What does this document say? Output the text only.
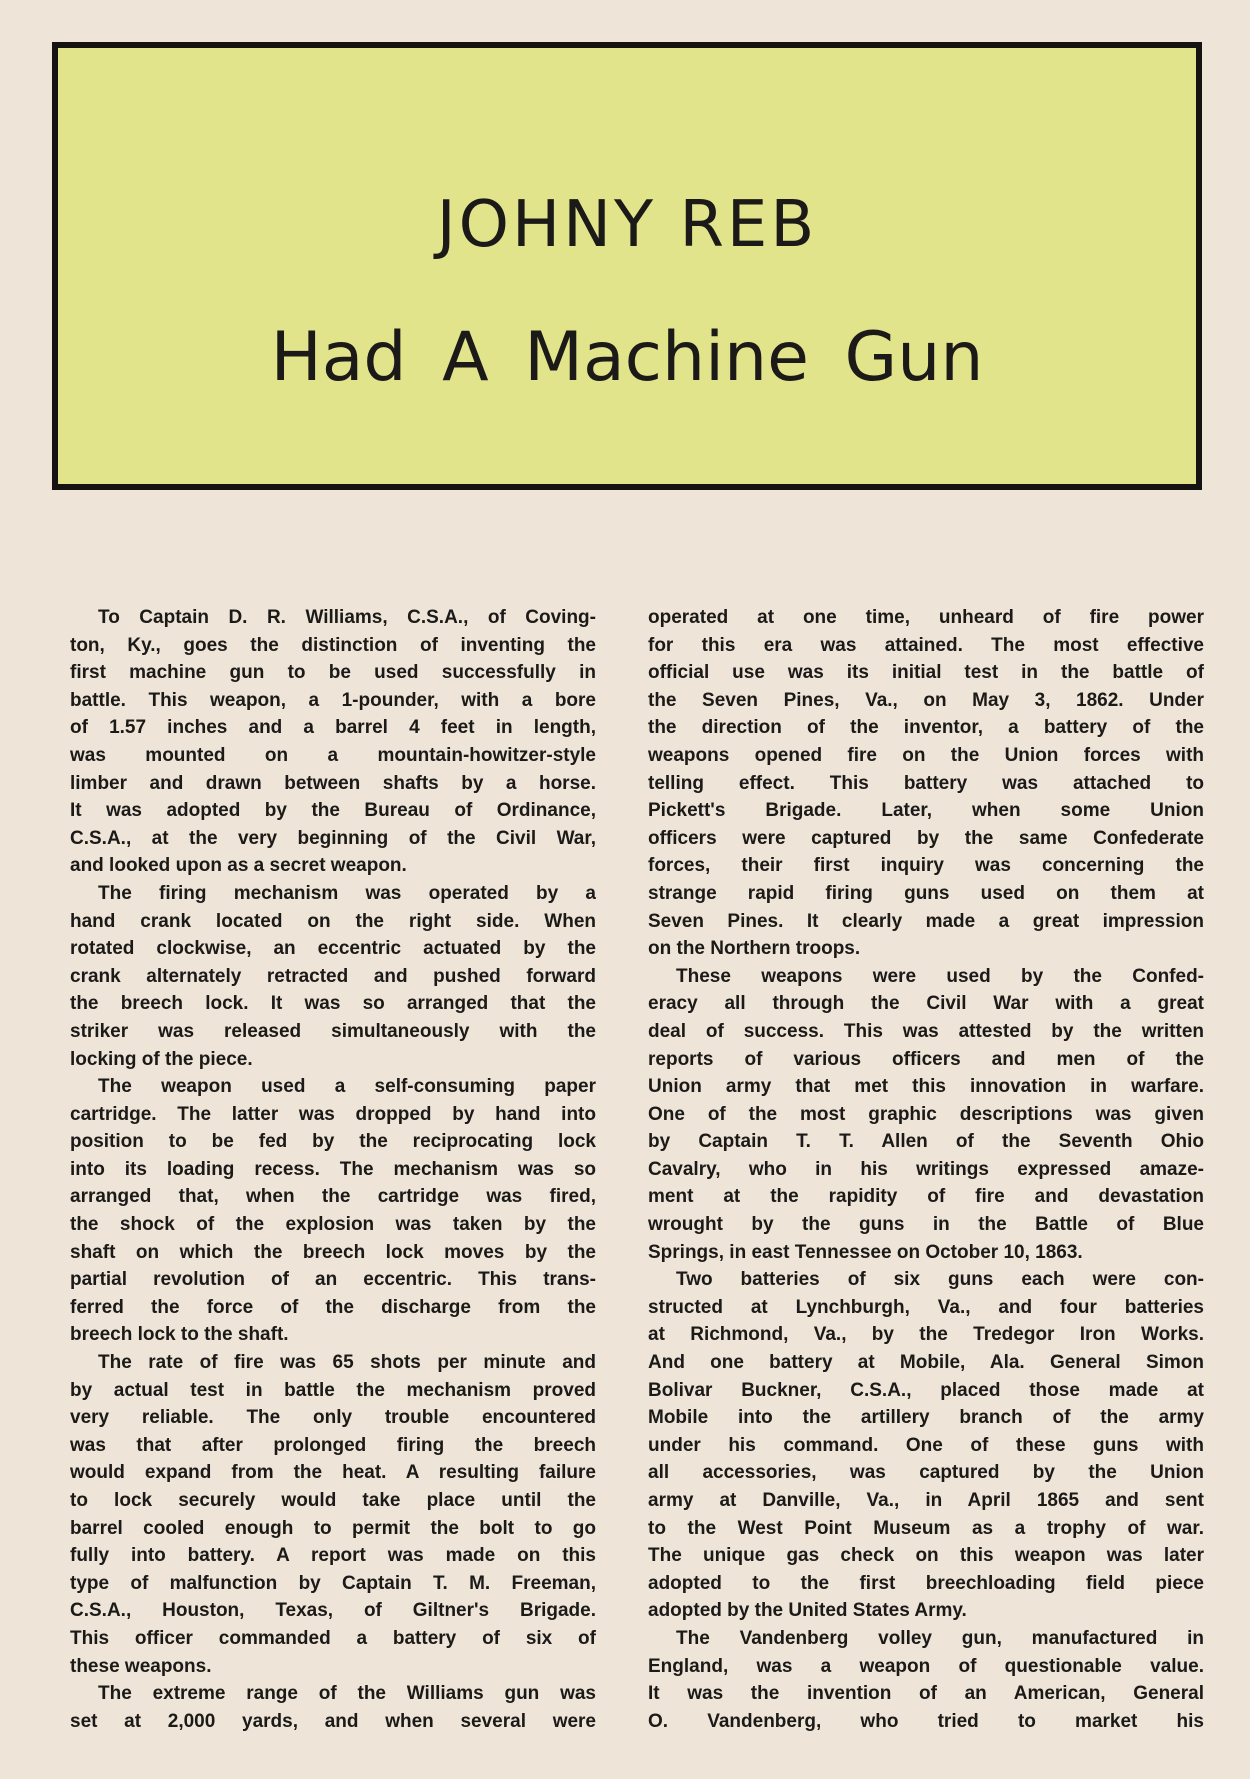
JOHNY REB
Had A Machine Gun
To Captain D. R. Williams, C.S.A., of Coving-
ton, Ky., goes the distinction of inventing the
first machine gun to be used successfully in
battle. This weapon, a 1-pounder, with a bore
of 1.57 inches and a barrel 4 feet in length,
was mounted on a mountain-howitzer-style
limber and drawn between shafts by a horse.
It was adopted by the Bureau of Ordinance,
C.S.A., at the very beginning of the Civil War,
and looked upon as a secret weapon.
The firing mechanism was operated by a
hand crank located on the right side. When
rotated clockwise, an eccentric actuated by the
crank alternately retracted and pushed forward
the breech lock. It was so arranged that the
striker was released simultaneously with the
locking of the piece.
The weapon used a self-consuming paper
cartridge. The latter was dropped by hand into
position to be fed by the reciprocating lock
into its loading recess. The mechanism was so
arranged that, when the cartridge was fired,
the shock of the explosion was taken by the
shaft on which the breech lock moves by the
partial revolution of an eccentric. This trans-
ferred the force of the discharge from the
breech lock to the shaft.
The rate of fire was 65 shots per minute and
by actual test in battle the mechanism proved
very reliable. The only trouble encountered
was that after prolonged firing the breech
would expand from the heat. A resulting failure
to lock securely would take place until the
barrel cooled enough to permit the bolt to go
fully into battery. A report was made on this
type of malfunction by Captain T. M. Freeman,
C.S.A., Houston, Texas, of Giltner's Brigade.
This officer commanded a battery of six of
these weapons.
The extreme range of the Williams gun was
set at 2,000 yards, and when several were
operated at one time, unheard of fire power
for this era was attained. The most effective
official use was its initial test in the battle of
the Seven Pines, Va., on May 3, 1862. Under
the direction of the inventor, a battery of the
weapons opened fire on the Union forces with
telling effect. This battery was attached to
Pickett's Brigade. Later, when some Union
officers were captured by the same Confederate
forces, their first inquiry was concerning the
strange rapid firing guns used on them at
Seven Pines. It clearly made a great impression
on the Northern troops.
These weapons were used by the Confed-
eracy all through the Civil War with a great
deal of success. This was attested by the written
reports of various officers and men of the
Union army that met this innovation in warfare.
One of the most graphic descriptions was given
by Captain T. T. Allen of the Seventh Ohio
Cavalry, who in his writings expressed amaze-
ment at the rapidity of fire and devastation
wrought by the guns in the Battle of Blue
Springs, in east Tennessee on October 10, 1863.
Two batteries of six guns each were con-
structed at Lynchburgh, Va., and four batteries
at Richmond, Va., by the Tredegor Iron Works.
And one battery at Mobile, Ala. General Simon
Bolivar Buckner, C.S.A., placed those made at
Mobile into the artillery branch of the army
under his command. One of these guns with
all accessories, was captured by the Union
army at Danville, Va., in April 1865 and sent
to the West Point Museum as a trophy of war.
The unique gas check on this weapon was later
adopted to the first breechloading field piece
adopted by the United States Army.
The Vandenberg volley gun, manufactured in
England, was a weapon of questionable value.
It was the invention of an American, General
O. Vandenberg, who tried to market his
